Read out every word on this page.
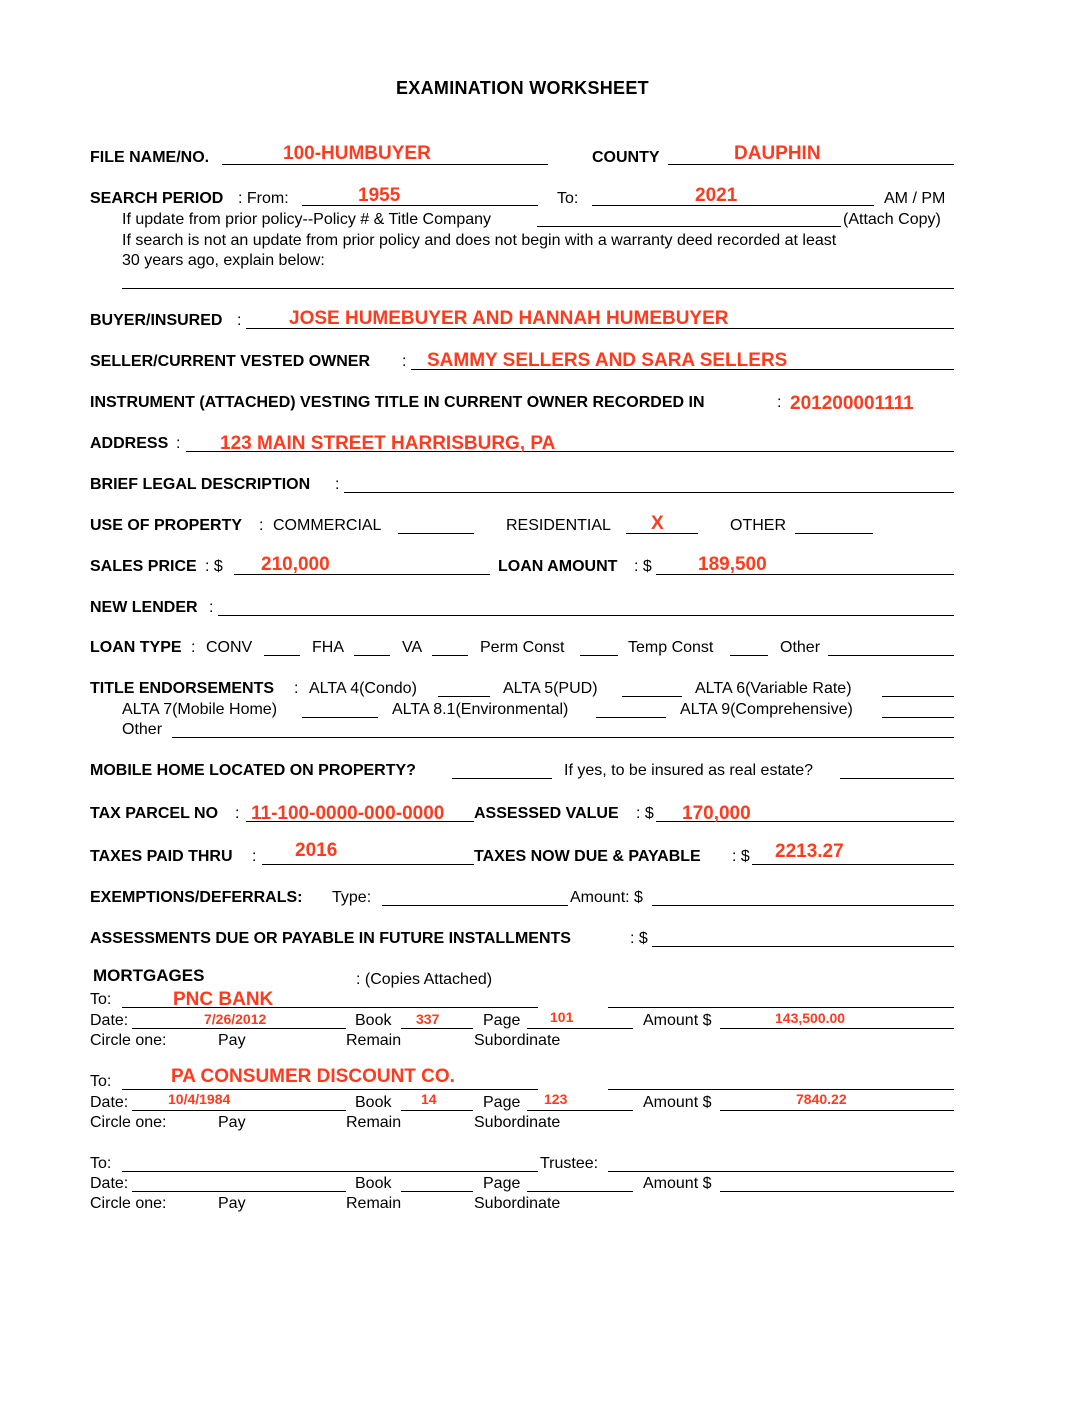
EXAMINATION WORKSHEET
FILE NAME/NO.	100-HUMBUYER	COUNTY	DAUPHIN
SEARCH PERIOD : From:	1955	To:	2021	AM / PM
If update from prior policy--Policy # & Title Company	(Attach Copy)
If search is not an update from prior policy and does not begin with a warranty deed recorded at least
30 years ago, explain below:
BUYER/INSURED :	JOSE HUMEBUYER AND HANNAH HUMEBUYER
SELLER/CURRENT VESTED OWNER : SAMMY SELLERS AND SARA SELLERS
INSTRUMENT (ATTACHED) VESTING TITLE IN CURRENT OWNER RECORDED IN	: 201200001111
ADDRESS : 123 MAIN STREET HARRISBURG, PA
BRIEF LEGAL DESCRIPTION :
USE OF PROPERTY : COMMERCIAL	RESIDENTIAL X	OTHER
SALES PRICE : $ 210,000	LOAN AMOUNT : $ 189,500
NEW LENDER :
LOAN TYPE : CONV	FHA	VA	Perm Const	Temp Const	Other
TITLE ENDORSEMENTS : ALTA 4(Condo)	ALTA 5(PUD)	ALTA 6(Variable Rate)
ALTA 7(Mobile Home)	ALTA 8.1(Environmental)	ALTA 9(Comprehensive)
Other
MOBILE HOME LOCATED ON PROPERTY?	If yes, to be insured as real estate?
TAX PARCEL NO : 11-100-0000-000-0000 ASSESSED VALUE : $ 170,000
TAXES PAID THRU : 2016	TAXES NOW DUE & PAYABLE : $ 2213.27
EXEMPTIONS/DEFERRALS: Type:	Amount: $
ASSESSMENTS DUE OR PAYABLE IN FUTURE INSTALLMENTS	: $
MORTGAGES	: (Copies Attached)
To:	PNC BANK
Date:	7/26/2012	Book 337	Page 101	Amount $	143,500.00
Circle one:	Pay	Remain	Subordinate
To:	PA CONSUMER DISCOUNT CO.
Date:	10/4/1984	Book 14	Page 123	Amount $	7840.22
Circle one:	Pay	Remain	Subordinate
To:	Trustee:
Date:	Book	Page	Amount $
Circle one:	Pay	Remain	Subordinate
